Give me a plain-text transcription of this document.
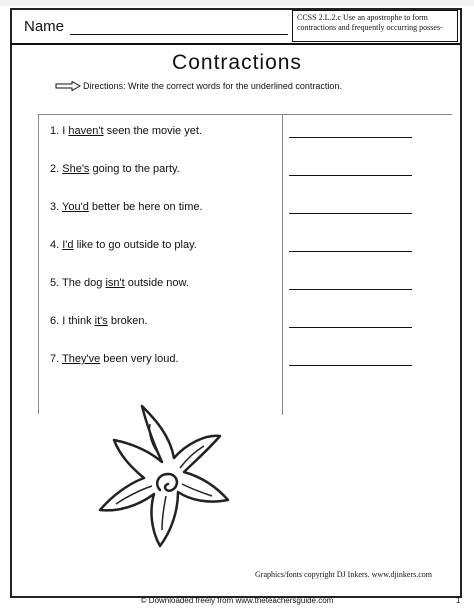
Name
CCSS 2.L.2.c Use an apostrophe to form contractions and frequently occurring posses-
Contractions
Directions: Write the correct words for the underlined contraction.
1. I haven't seen the movie yet.
2. She's going to the party.
3. You'd better be here on time.
4. I'd like to go outside to play.
5. The dog isn't outside now.
6. I think it's broken.
7. They've been very loud.
Graphics/fonts copyright DJ Inkers. www.djinkers.com
© Downloaded freely from www.theteachersguide.com	1
